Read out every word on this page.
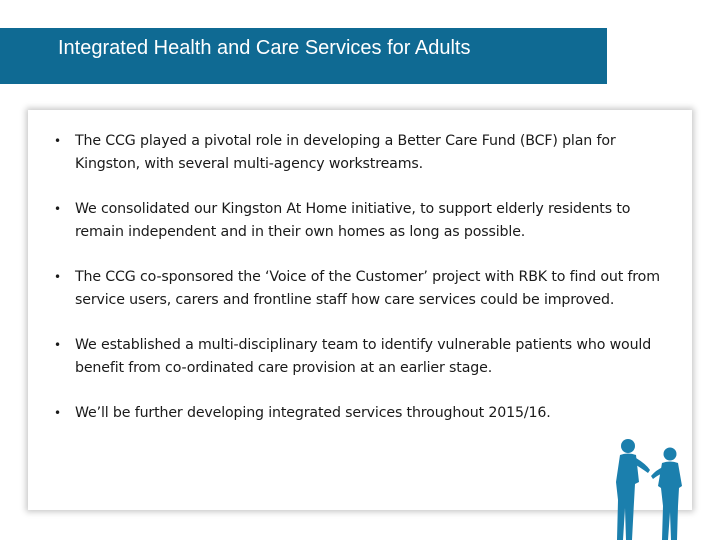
Integrated Health and Care Services for Adults
• The CCG played a pivotal role in developing a Better Care Fund (BCF) plan for Kingston, with several multi-agency workstreams.
• We consolidated our Kingston At Home initiative, to support elderly residents to remain independent and in their own homes as long as possible.
• The CCG co-sponsored the ‘Voice of the Customer’ project with RBK to find out from service users, carers and frontline staff how care services could be improved.
• We established a multi-disciplinary team to identify vulnerable patients who would benefit from co-ordinated care provision at an earlier stage.
• We’ll be further developing integrated services throughout 2015/16.
